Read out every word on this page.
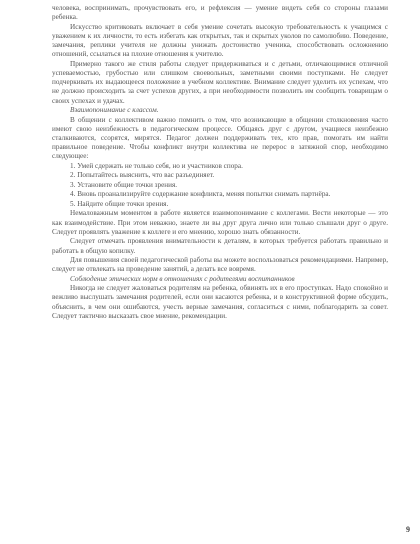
человека, воспринимать, прочувствовать его, и рефлексия — умение видеть себя со стороны глазами ребенка.

Искусство критиковать включает в себя умение сочетать высокую требовательность к учащимся с уважением к их личности, то есть избегать как открытых, так и скрытых уколов по самолюбию. Поведение, замечания, реплики учителя не должны унижать достоинство ученика, способствовать осложнению отношений, ссылаться на плохие отношения к учителю.

Примерно такого же стиля работы следует придерживаться и с детьми, отличающимися отличной успеваемостью, грубостью или слишком своевольных, заметными своими поступками. Не следует подчеркивать их выдающееся положение в учебном коллективе. Внимание следует уделить их успехам, что не должно происходить за счет успехов других, а при необходимости позволить им сообщить товарищам о своих успехах и удачах.

Взаимопонимание с классом.

В общении с коллективом важно помнить о том, что возникающие в общении столкновения часто имеют свою неизбежность в педагогическом процессе. Общаясь друг с другом, учащиеся неизбежно сталкиваются, ссорятся, мирятся. Педагог должен поддерживать тех, кто прав, помогать им найти правильное поведение. Чтобы конфликт внутри коллектива не перерос в затяжной спор, необходимо следующее:

1. Умей сдержать не только себя, но и участников спора.

2. Попытайтесь выяснить, что вас разъединяет.

3. Установите общие точки зрения.

4. Вновь проанализируйте содержание конфликта, меняя попытки снимать партнёра.

5. Найдите общие точки зрения.

Немаловажным моментом в работе является взаимопонимание с коллегами. Вести некоторые — это как взаимодействие. При этом неважно, знаете ли вы друг друга лично или только слышали друг о друге. Следует проявлять уважение к коллеге и его мнению, хорошо знать обязанности.

Следует отмечать проявления внимательности к деталям, в которых требуется работать правильно и работать в общую копилку.

Для повышения своей педагогической работы вы можете воспользоваться рекомендациями. Например, следует не отвлекать на проведение занятий, а делать все вовремя.

Соблюдение этических норм в отношениях с родителями воспитанников

Никогда не следует жаловаться родителям на ребенка, обвинять их в его проступках. Надо спокойно и вежливо выслушать замечания родителей, если они касаются ребенка, и в конструктивной форме обсудить, объяснить, в чем они ошибаются, учесть верные замечания, согласиться с ними, поблагодарить за совет. Следует тактично высказать свое мнение, рекомендации.

9
